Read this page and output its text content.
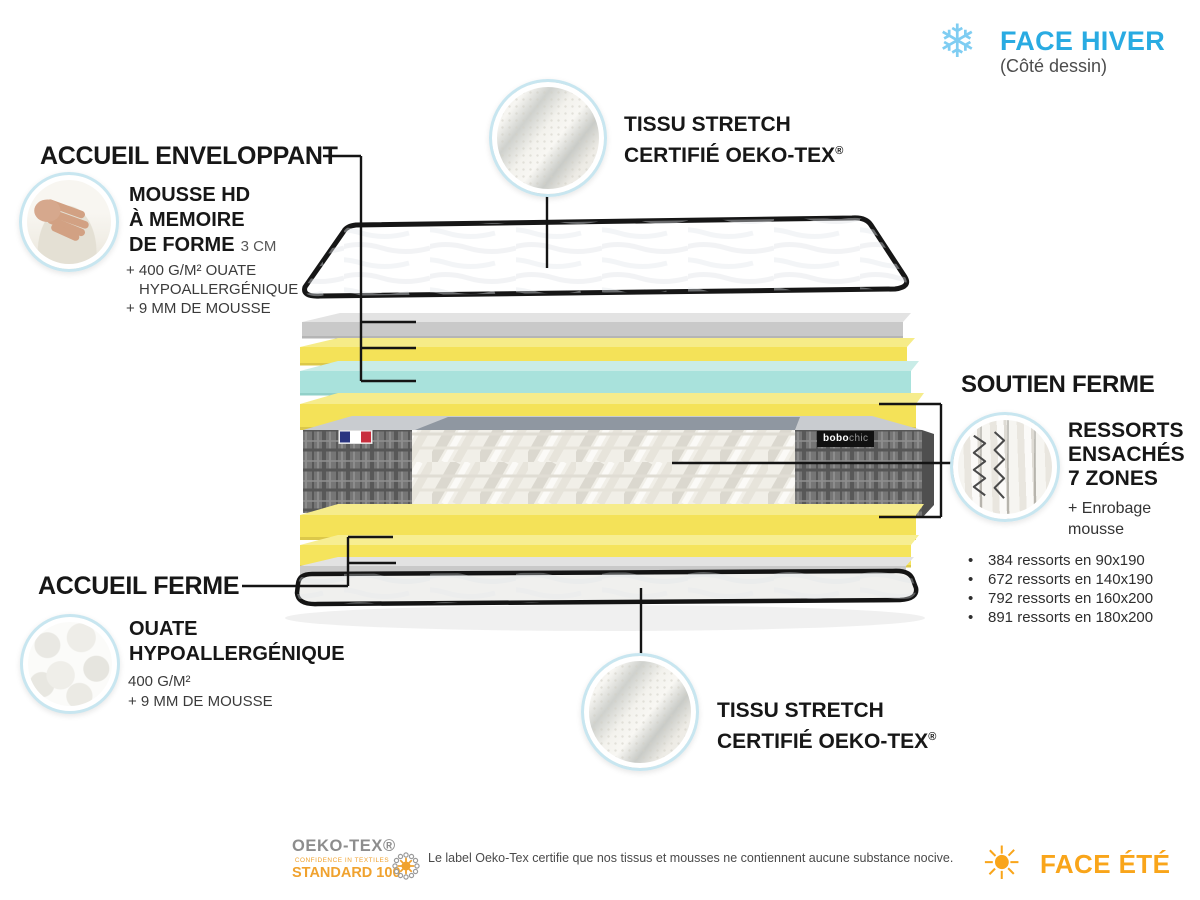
bobochic
❄ FACE HIVER
(Côté dessin)
ACCUEIL ENVELOPPANT
MOUSSE HD
À MEMOIRE
DE FORME 3 CM
+ 400 G/M² OUATE
HYPOALLERGÉNIQUE
+ 9 MM DE MOUSSE
TISSU STRETCH
CERTIFIÉ OEKO-TEX®
SOUTIEN FERME
RESSORTS
ENSACHÉS
7 ZONES
+ Enrobage
mousse
• 384 ressorts en 90x190
• 672 ressorts en 140x190
• 792 ressorts en 160x200
• 891 ressorts en 180x200
ACCUEIL FERME
OUATE
HYPOALLERGÉNIQUE
400 G/M²
+ 9 MM DE MOUSSE	TISSU STRETCH
CERTIFIÉ OEKO-TEX®
OEKO-TEX®
CONFIDENCE IN TEXTILES
STANDARD 100
Le label Oeko-Tex certifie que nos tissus et mousses ne contiennent aucune substance nocive. ☀ FACE ÉTÉ
